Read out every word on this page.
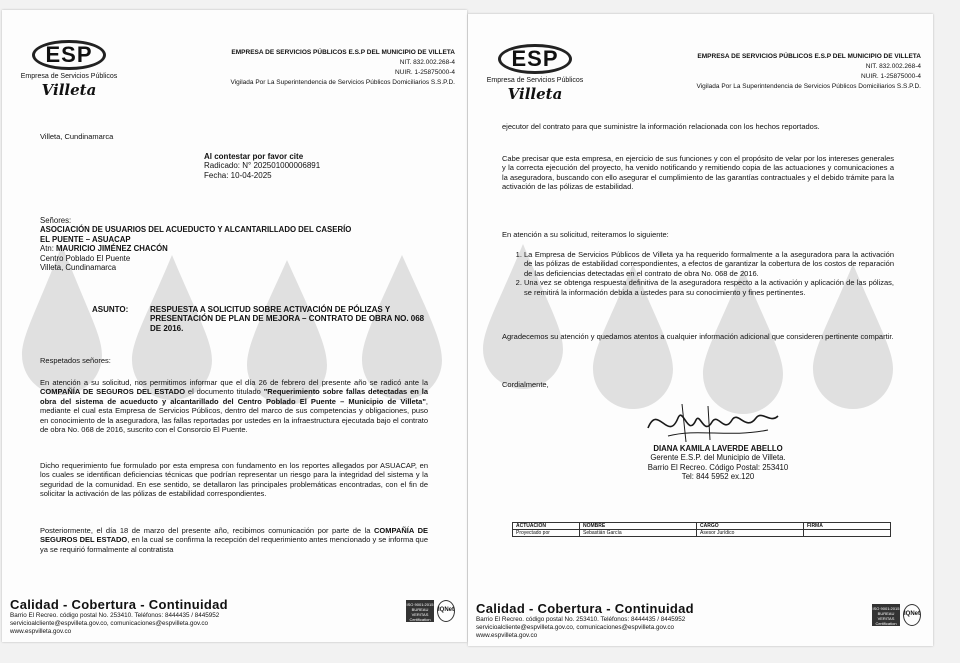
ESP
Empresa de Servicios Públicos
Villeta
EMPRESA DE SERVICIOS PÚBLICOS E.S.P DEL MUNICIPIO DE VILLETA
NIT. 832.002.268-4
NUIR. 1-25875000-4
Vigilada Por La Superintendencia de Servicios Públicos Domiciliarios S.S.P.D.
Villeta, Cundinamarca
Al contestar por favor cite
Radicado: N° 202501000006891
Fecha: 10-04-2025
Señores:
ASOCIACIÓN DE USUARIOS DEL ACUEDUCTO Y ALCANTARILLADO DEL CASERÍO
EL PUENTE – ASUACAP
Atn: MAURICIO JIMÉNEZ CHACÓN
Centro Poblado El Puente
Villeta, Cundinamarca
ASUNTO:	RESPUESTA A SOLICITUD SOBRE ACTIVACIÓN DE PÓLIZAS Y PRESENTACIÓN DE PLAN DE MEJORA – CONTRATO DE OBRA NO. 068 DE 2016.
Respetados señores:
En atención a su solicitud, nos permitimos informar que el día 26 de febrero del presente año se radicó ante la COMPAÑÍA DE SEGUROS DEL ESTADO el documento titulado "Requerimiento sobre fallas detectadas en la obra del sistema de acueducto y alcantarillado del Centro Poblado El Puente – Municipio de Villeta", mediante el cual esta Empresa de Servicios Públicos, dentro del marco de sus competencias y obligaciones, puso en conocimiento de la aseguradora, las fallas reportadas por ustedes en la infraestructura ejecutada bajo el contrato de obra No. 068 de 2016, suscrito con el Consorcio El Puente.
Dicho requerimiento fue formulado por esta empresa con fundamento en los reportes allegados por ASUACAP, en los cuales se identifican deficiencias técnicas que podrían representar un riesgo para la integridad del sistema y la seguridad de la comunidad. En ese sentido, se detallaron las principales problemáticas encontradas, con el fin de solicitar la activación de las pólizas de estabilidad correspondientes.
Posteriormente, el día 18 de marzo del presente año, recibimos comunicación por parte de la COMPAÑÍA DE SEGUROS DEL ESTADO, en la cual se confirma la recepción del requerimiento antes mencionado y se informa que ya se requirió formalmente al contratista
Calidad - Cobertura - Continuidad
Barrio El Recreo. código postal No. 253410. Teléfonos: 8444435 / 8445952
servicioalcliente@espvilleta.gov.co, comunicaciones@espvilleta.gov.co
www.espvilleta.gov.co
ISO 9001:2015 BUREAU VERITAS Certification
IQNet
ESP
Empresa de Servicios Públicos
Villeta
EMPRESA DE SERVICIOS PÚBLICOS E.S.P DEL MUNICIPIO DE VILLETA
NIT. 832.002.268-4
NUIR. 1-25875000-4
Vigilada Por La Superintendencia de Servicios Públicos Domiciliarios S.S.P.D.
ejecutor del contrato para que suministre la información relacionada con los hechos reportados.
Cabe precisar que esta empresa, en ejercicio de sus funciones y con el propósito de velar por los intereses generales y la correcta ejecución del proyecto, ha venido notificando y remitiendo copia de las actuaciones y comunicaciones a la aseguradora, buscando con ello asegurar el cumplimiento de las garantías contractuales y el debido trámite para la activación de las pólizas de estabilidad.
En atención a su solicitud, reiteramos lo siguiente:
1. La Empresa de Servicios Públicos de Villeta ya ha requerido formalmente a la aseguradora para la activación de las pólizas de estabilidad correspondientes, a efectos de garantizar la cobertura de los costos de reparación de las deficiencias detectadas en el contrato de obra No. 068 de 2016.
2. Una vez se obtenga respuesta definitiva de la aseguradora respecto a la activación y aplicación de las pólizas, se remitirá la información debida a ustedes para su conocimiento y fines pertinentes.
Agradecemos su atención y quedamos atentos a cualquier información adicional que consideren pertinente compartir.
Cordialmente,
DIANA KAMILA LAVERDE ABELLO
Gerente E.S.P. del Municipio de Villeta.
Barrio El Recreo. Código Postal: 253410
Tel: 844 5952 ex.120
ACTUACIÓN	NOMBRE	CARGO	FIRMA
Proyectado por	Sebastián García	Asesor Jurídico	
Calidad - Cobertura - Continuidad
Barrio El Recreo. código postal No. 253410. Teléfonos: 8444435 / 8445952
servicioalcliente@espvilleta.gov.co, comunicaciones@espvilleta.gov.co
www.espvilleta.gov.co
ISO 9001:2015 BUREAU VERITAS Certification
IQNet
